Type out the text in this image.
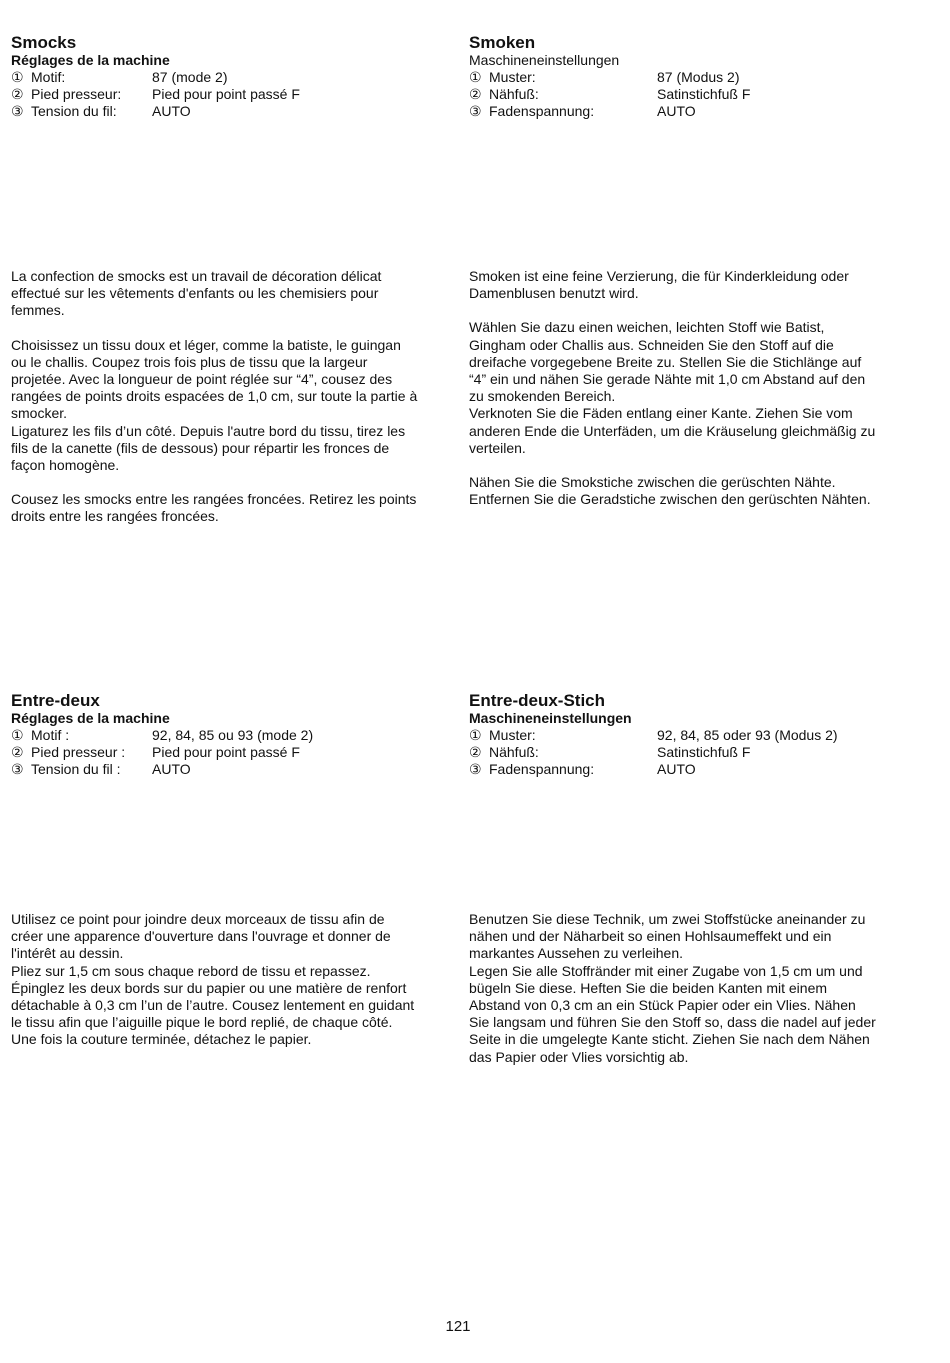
Smocks

Réglages de la machine

① Motif:	87 (mode 2)
② Pied presseur:	Pied pour point passé F
③ Tension du fil:	AUTO
Smoken

Maschineneinstellungen

① Muster:	87 (Modus 2)
② Nähfuß:	Satinstichfuß F
③ Fadenspannung:	AUTO

La confection de smocks est un travail de décoration délicat
effectué sur les vêtements d'enfants ou les chemisiers pour
femmes.

Choisissez un tissu doux et léger, comme la batiste, le guingan
ou le challis. Coupez trois fois plus de tissu que la largeur
projetée. Avec la longueur de point réglée sur “4”, cousez des
rangées de points droits espacées de 1,0 cm, sur toute la partie à
smocker.
Ligaturez les fils d’un côté. Depuis l'autre bord du tissu, tirez les
fils de la canette (fils de dessous) pour répartir les fronces de
façon homogène.

Cousez les smocks entre les rangées froncées. Retirez les points
droits entre les rangées froncées.

Smoken ist eine feine Verzierung, die für Kinderkleidung oder
Damenblusen benutzt wird.

Wählen Sie dazu einen weichen, leichten Stoff wie Batist,
Gingham oder Challis aus. Schneiden Sie den Stoff auf die
dreifache vorgegebene Breite zu. Stellen Sie die Stichlänge auf
“4” ein und nähen Sie gerade Nähte mit 1,0 cm Abstand auf den
zu smokenden Bereich.
Verknoten Sie die Fäden entlang einer Kante. Ziehen Sie vom
anderen Ende die Unterfäden, um die Kräuselung gleichmäßig zu
verteilen.

Nähen Sie die Smokstiche zwischen die gerüschten Nähte.
Entfernen Sie die Geradstiche zwischen den gerüschten Nähten.

Entre-deux

Réglages de la machine

① Motif :	92, 84, 85 ou 93 (mode 2)
② Pied presseur :	Pied pour point passé F
③ Tension du fil :	AUTO
Entre-deux-Stich

Maschineneinstellungen

① Muster:	92, 84, 85 oder 93 (Modus 2)
② Nähfuß:	Satinstichfuß F
③ Fadenspannung:	AUTO

Utilisez ce point pour joindre deux morceaux de tissu afin de
créer une apparence d'ouverture dans l'ouvrage et donner de
l'intérêt au dessin.
Pliez sur 1,5 cm sous chaque rebord de tissu et repassez.
Épinglez les deux bords sur du papier ou une matière de renfort
détachable à 0,3 cm l’un de l’autre. Cousez lentement en guidant
le tissu afin que l’aiguille pique le bord replié, de chaque côté.
Une fois la couture terminée, détachez le papier.

Benutzen Sie diese Technik, um zwei Stoffstücke aneinander zu
nähen und der Näharbeit so einen Hohlsaumeffekt und ein
markantes Aussehen zu verleihen.
Legen Sie alle Stoffränder mit einer Zugabe von 1,5 cm um und
bügeln Sie diese. Heften Sie die beiden Kanten mit einem
Abstand von 0,3 cm an ein Stück Papier oder ein Vlies. Nähen
Sie langsam und führen Sie den Stoff so, dass die nadel auf jeder
Seite in die umgelegte Kante sticht. Ziehen Sie nach dem Nähen
das Papier oder Vlies vorsichtig ab.

121
